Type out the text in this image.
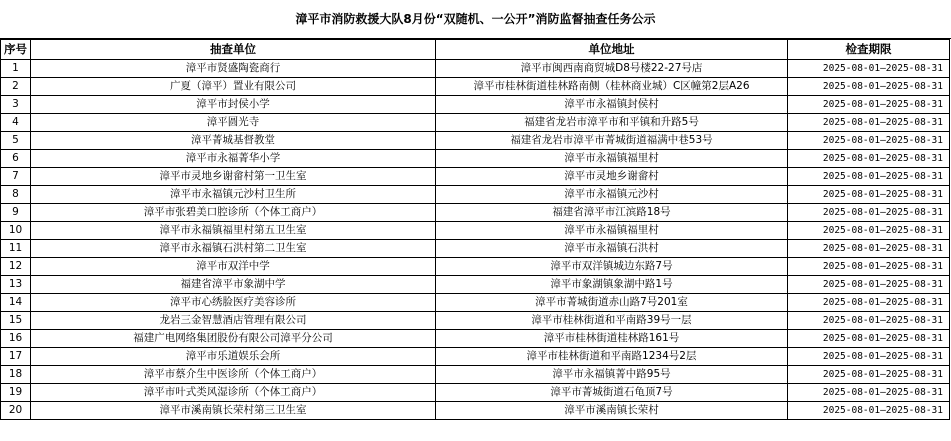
漳平市消防救援大队8月份“双随机、一公开”消防监督抽查任务公示
序号	抽查单位	单位地址	检查期限
1	漳平市贤盛陶瓷商行	漳平市闽西南商贸城D8号楼22-27号店	2025-08-01—2025-08-31
2	广夏（漳平）置业有限公司	漳平市桂林街道桂林路南侧（桂林商业城）C区幢第2层A26	2025-08-01—2025-08-31
3	漳平市封侯小学	漳平市永福镇封侯村	2025-08-01—2025-08-31
4	漳平圆光寺	福建省龙岩市漳平市和平镇和升路5号	2025-08-01—2025-08-31
5	漳平菁城基督教堂	福建省龙岩市漳平市菁城街道福满中巷53号	2025-08-01—2025-08-31
6	漳平市永福菁华小学	漳平市永福镇福里村	2025-08-01—2025-08-31
7	漳平市灵地乡谢畲村第一卫生室	漳平市灵地乡谢畲村	2025-08-01—2025-08-31
8	漳平市永福镇元沙村卫生所	漳平市永福镇元沙村	2025-08-01—2025-08-31
9	漳平市张碧美口腔诊所（个体工商户）	福建省漳平市江滨路18号	2025-08-01—2025-08-31
10	漳平市永福镇福里村第五卫生室	漳平市永福镇福里村	2025-08-01—2025-08-31
11	漳平市永福镇石洪村第二卫生室	漳平市永福镇石洪村	2025-08-01—2025-08-31
12	漳平市双洋中学	漳平市双洋镇城边东路7号	2025-08-01—2025-08-31
13	福建省漳平市象湖中学	漳平市象湖镇象湖中路1号	2025-08-01—2025-08-31
14	漳平市心绣脸医疗美容诊所	漳平市菁城街道赤山路7号201室	2025-08-01—2025-08-31
15	龙岩三金智慧酒店管理有限公司	漳平市桂林街道和平南路39号一层	2025-08-01—2025-08-31
16	福建广电网络集团股份有限公司漳平分公司	漳平市桂林街道桂林路161号	2025-08-01—2025-08-31
17	漳平市乐道娱乐会所	漳平市桂林街道和平南路1234号2层	2025-08-01—2025-08-31
18	漳平市蔡介生中医诊所（个体工商户）	漳平市永福镇菁中路95号	2025-08-01—2025-08-31
19	漳平市叶式类风湿诊所（个体工商户）	漳平市菁城街道石龟顶7号	2025-08-01—2025-08-31
20	漳平市溪南镇长荣村第三卫生室	漳平市溪南镇长荣村	2025-08-01—2025-08-31
